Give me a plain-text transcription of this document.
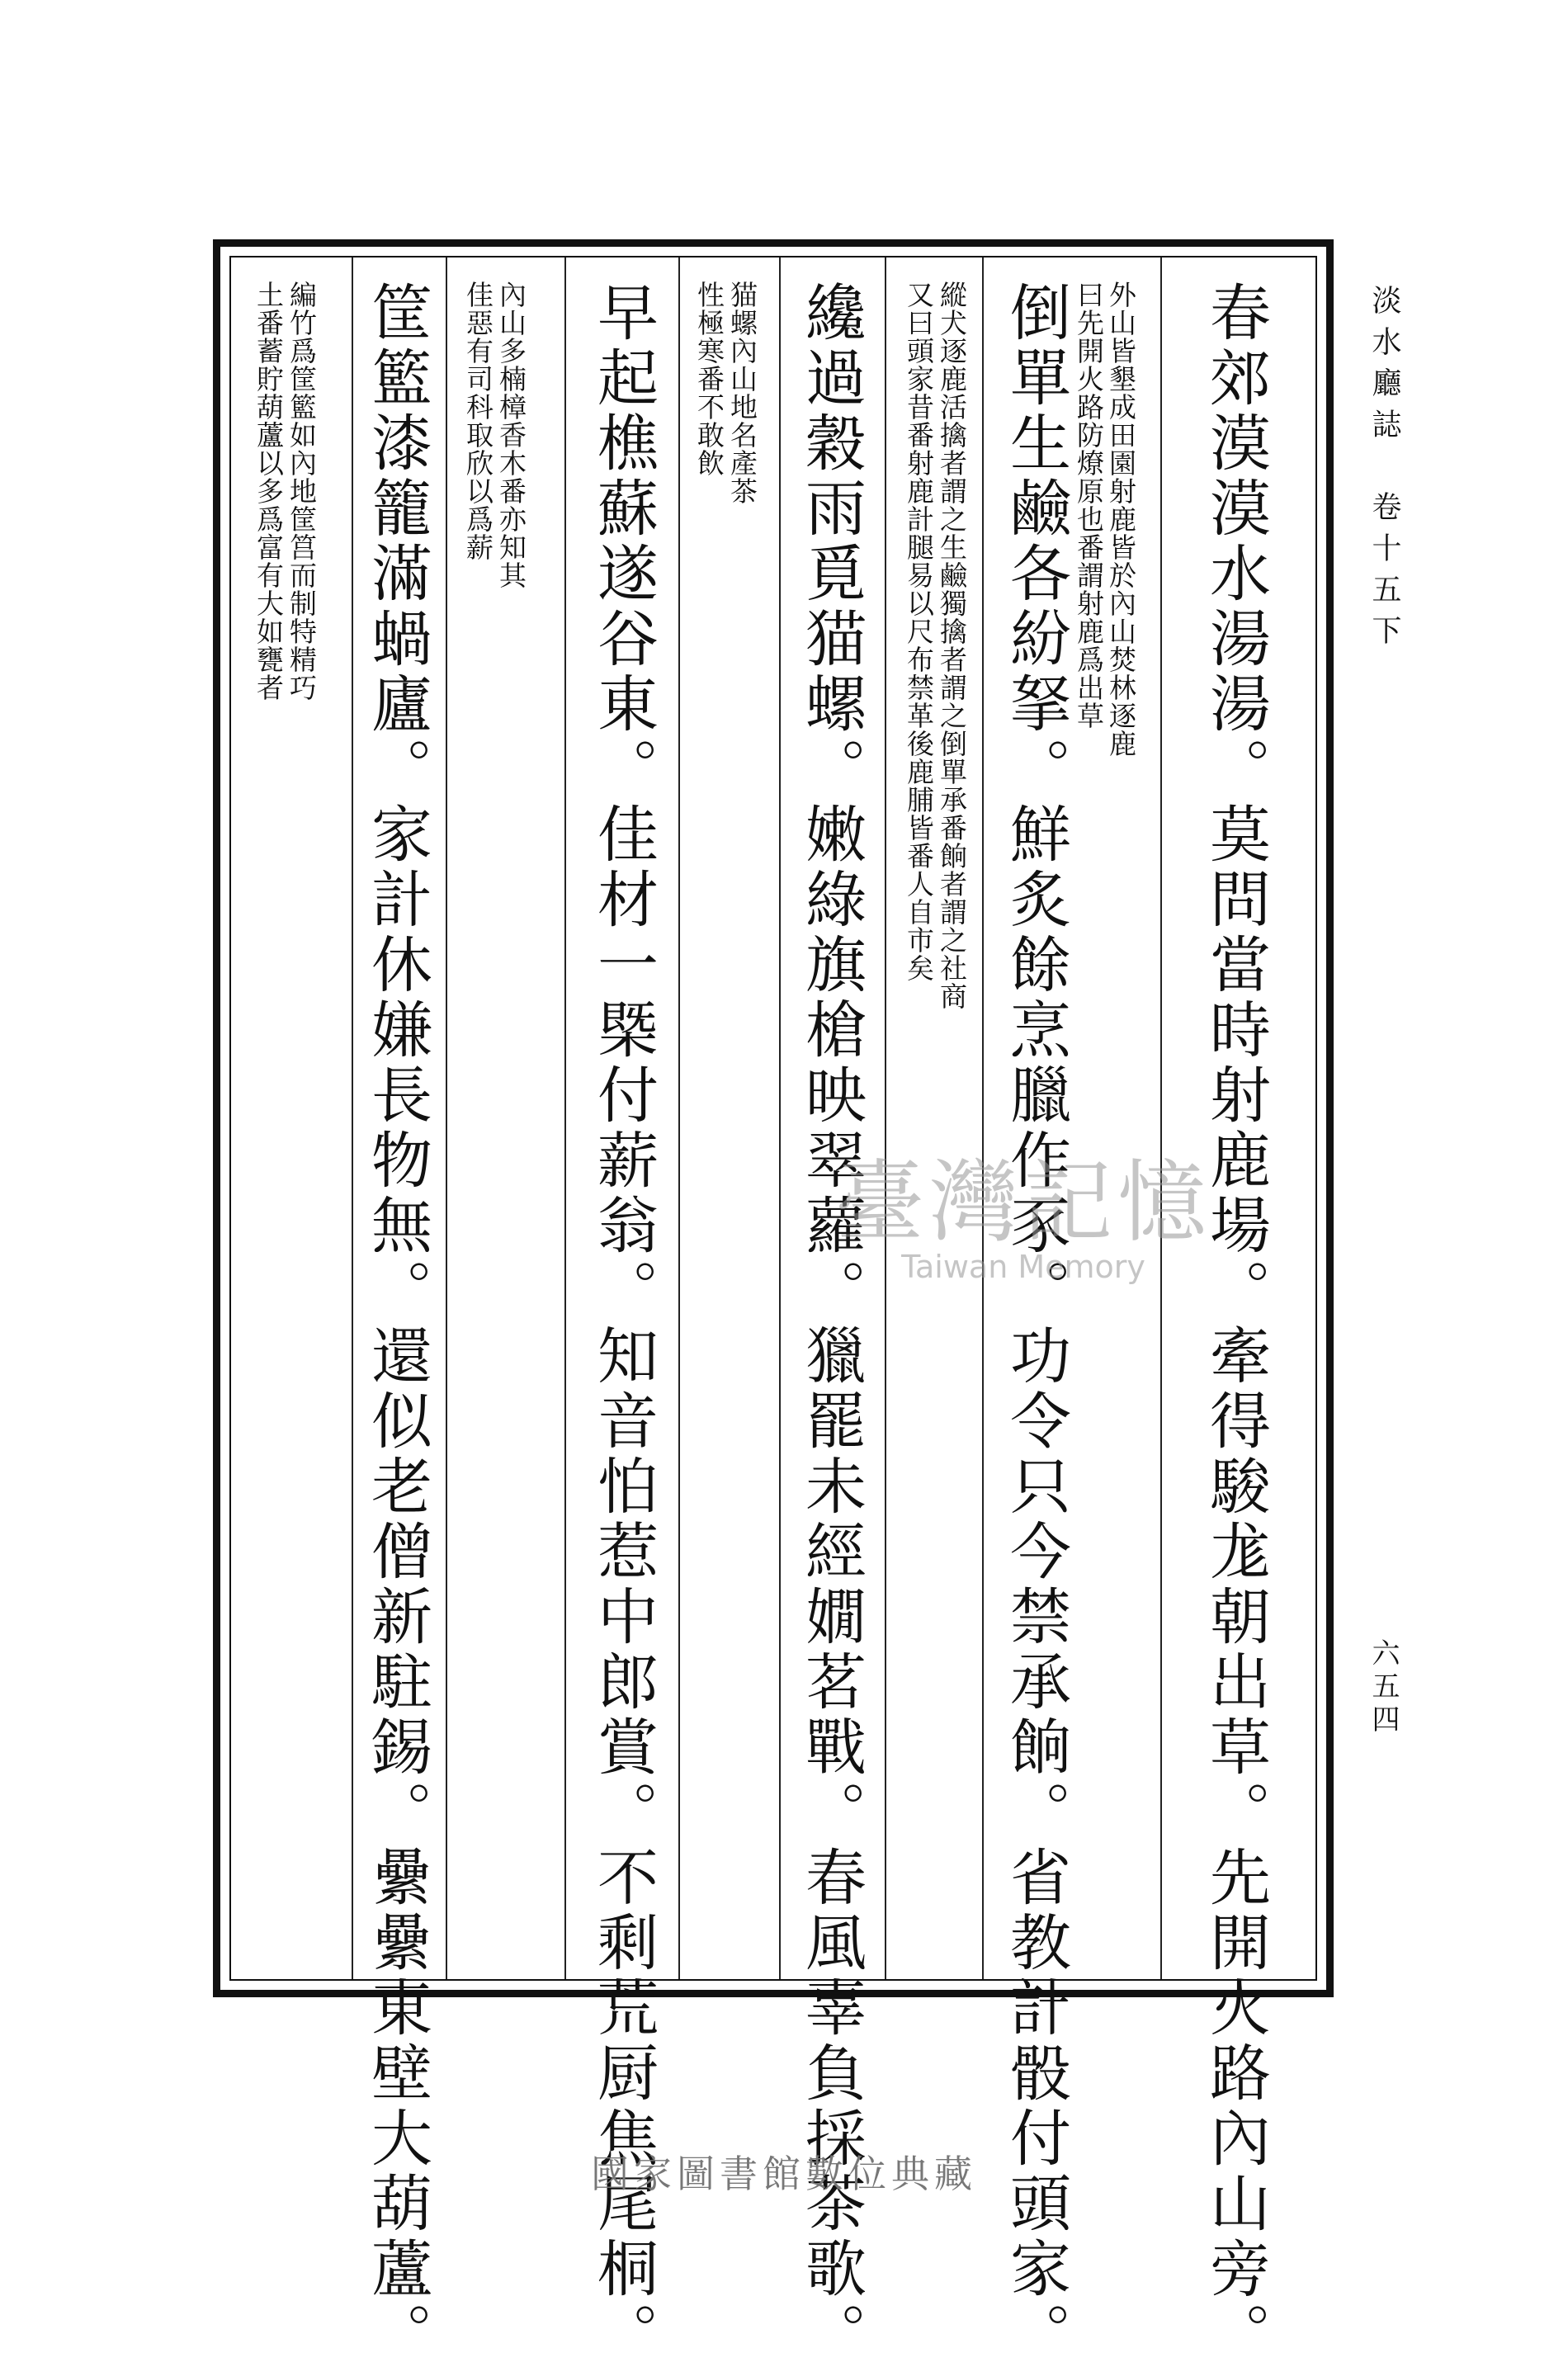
淡水廳誌　卷十五下
六五四
春郊漠漠水湯湯。莫問當時射鹿場。牽得駿尨朝出草。先開火路內山旁。
外山皆墾成田園射鹿皆於內山焚林逐鹿
曰先開火路防燎原也番謂射鹿爲出草
倒單生鹼各紛拏。鮮炙餘烹臘作豕。功令只今禁承餉。省教計骰付頭家。
縱犬逐鹿活擒者謂之生鹼獨擒者謂之倒單承番餉者謂之社商
又曰頭家昔番射鹿計腿易以尺布禁革後鹿脯皆番人自市矣
纔過穀雨覓猫螺。嫩綠旗槍映翠蘿。獵罷未經嫺茗戰。春風辜負採茶歌。
猫螺內山地名產茶
性極寒番不敢飲
早起樵蘇遂谷東。佳材一槩付薪翁。知音怕惹中郎賞。不剩荒厨焦尾桐。
內山多楠樟香木番亦知其
佳惡有司科取欣以爲薪
筐籃漆籠滿蝸廬。家計休嫌長物無。還似老僧新駐錫。纍纍東壁大葫蘆。
編竹爲筐籃如內地筐筥而制特精巧
土番蓄貯葫蘆以多爲富有大如甕者
臺灣記憶
Taiwan Memory
國家圖書館數位典藏
